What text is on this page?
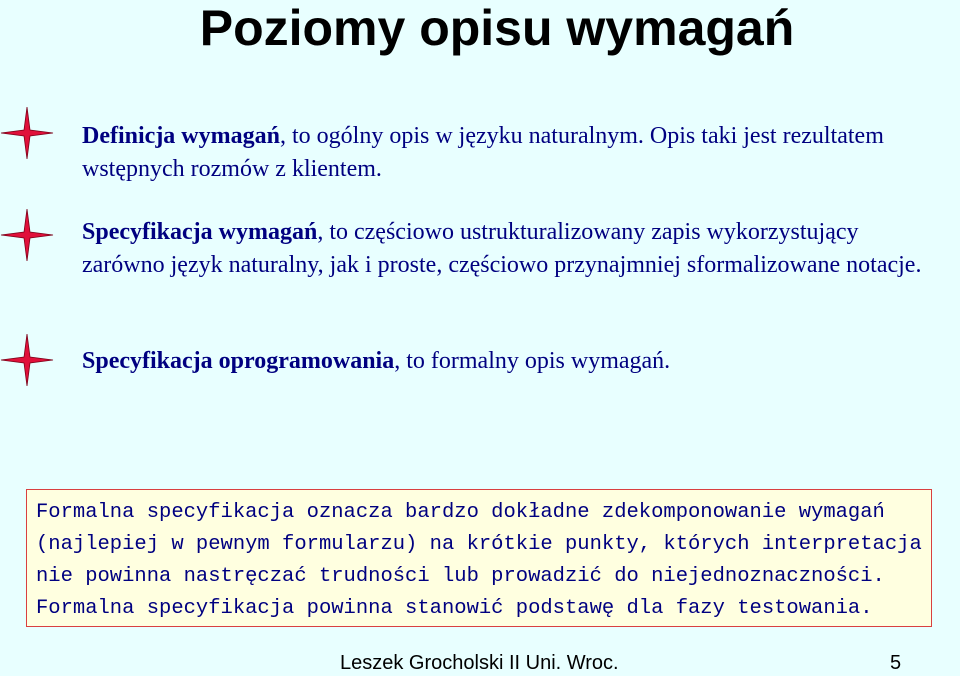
Poziomy opisu wymagań

Definicja wymagań, to ogólny opis w języku naturalnym. Opis taki jest rezultatem wstępnych rozmów z klientem.

Specyfikacja wymagań, to częściowo ustrukturalizowany zapis wykorzystujący zarówno język naturalny, jak i proste, częściowo przynajmniej sformalizowane notacje.

Specyfikacja oprogramowania, to formalny opis wymagań.

Formalna specyfikacja oznacza bardzo dokładne zdekomponowanie wymagań (najlepiej w pewnym formularzu) na krótkie punkty, których interpretacja nie powinna nastręczać trudności lub prowadzić do niejednoznaczności. Formalna specyfikacja powinna stanowić podstawę dla fazy testowania.
Leszek Grocholski II Uni. Wroc.	5
